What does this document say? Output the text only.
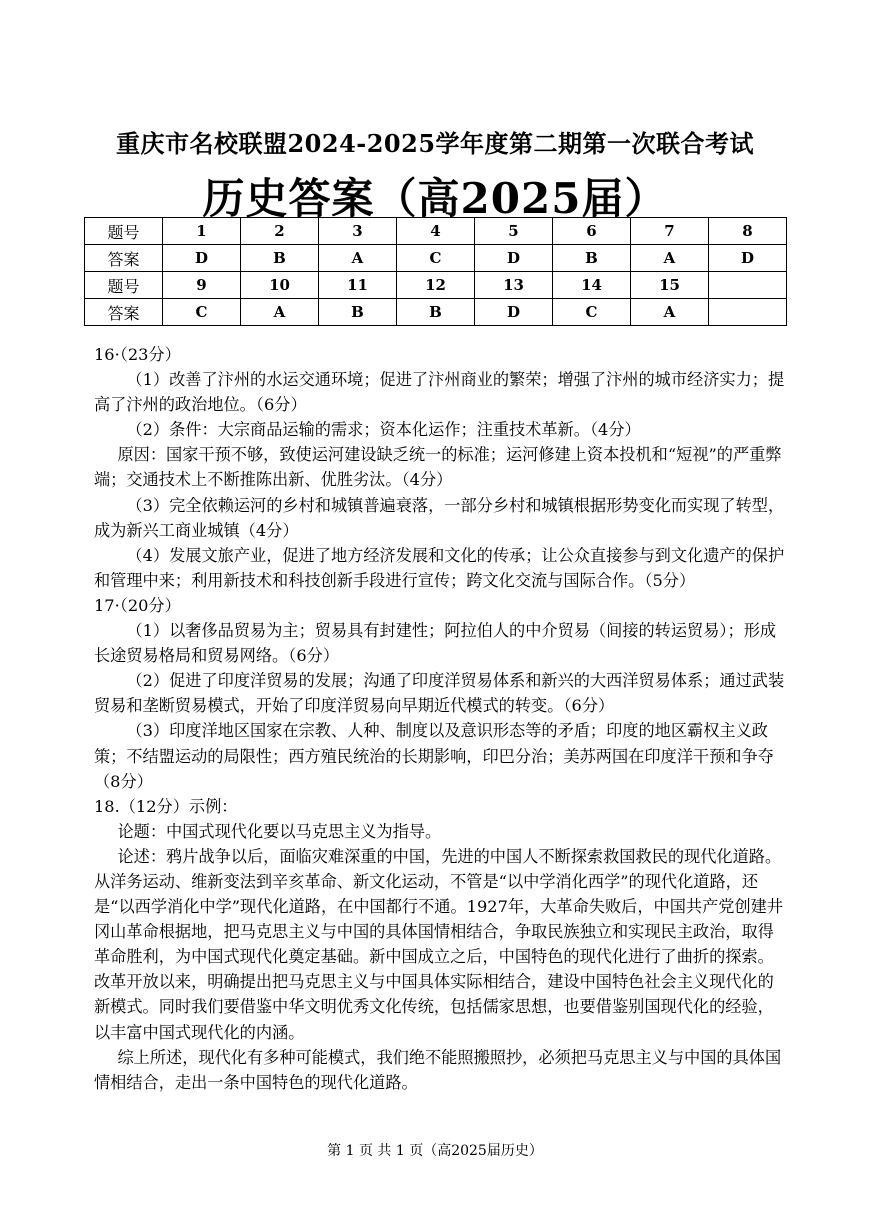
重庆市名校联盟2024-2025学年度第二期第一次联合考试
历史答案（高2025届）
题号	1	2	3	4	5	6	7	8
答案	D	B	A	C	D	B	A	D
题号	9	10	11	12	13	14	15	
答案	C	A	B	B	D	C	A	

16·（23分）

（1）改善了汴州的水运交通环境；促进了汴州商业的繁荣；增强了汴州的城市经济实力；提高了汴州的政治地位。（6分）

（2）条件：大宗商品运输的需求；资本化运作；注重技术革新。（4分）

原因：国家干预不够，致使运河建设缺乏统一的标准；运河修建上资本投机和“短视”的严重弊端；交通技术上不断推陈出新、优胜劣汰。（4分）

（3）完全依赖运河的乡村和城镇普遍衰落，一部分乡村和城镇根据形势变化而实现了转型，成为新兴工商业城镇（4分）

（4）发展文旅产业，促进了地方经济发展和文化的传承；让公众直接参与到文化遗产的保护和管理中来；利用新技术和科技创新手段进行宣传；跨文化交流与国际合作。（5分）

17·（20分）

（1）以奢侈品贸易为主；贸易具有封建性；阿拉伯人的中介贸易（间接的转运贸易）；形成长途贸易格局和贸易网络。（6分）

（2）促进了印度洋贸易的发展；沟通了印度洋贸易体系和新兴的大西洋贸易体系；通过武装贸易和垄断贸易模式，开始了印度洋贸易向早期近代模式的转变。（6分）

（3）印度洋地区国家在宗教、人种、制度以及意识形态等的矛盾；印度的地区霸权主义政策；不结盟运动的局限性；西方殖民统治的长期影响，印巴分治；美苏两国在印度洋干预和争夺（8分）

18.（12分）示例：

论题：中国式现代化要以马克思主义为指导。

论述：鸦片战争以后，面临灾难深重的中国，先进的中国人不断探索救国救民的现代化道路。从洋务运动、维新变法到辛亥革命、新文化运动，不管是“以中学消化西学”的现代化道路，还是“以西学消化中学”现代化道路，在中国都行不通。1927年，大革命失败后，中国共产党创建井冈山革命根据地，把马克思主义与中国的具体国情相结合，争取民族独立和实现民主政治，取得革命胜利，为中国式现代化奠定基础。新中国成立之后，中国特色的现代化进行了曲折的探索。改革开放以来，明确提出把马克思主义与中国具体实际相结合，建设中国特色社会主义现代化的新模式。同时我们要借鉴中华文明优秀文化传统，包括儒家思想，也要借鉴别国现代化的经验，以丰富中国式现代化的内涵。

综上所述，现代化有多种可能模式，我们绝不能照搬照抄，必须把马克思主义与中国的具体国情相结合，走出一条中国特色的现代化道路。

第 1 页 共 1 页（高2025届历史）
